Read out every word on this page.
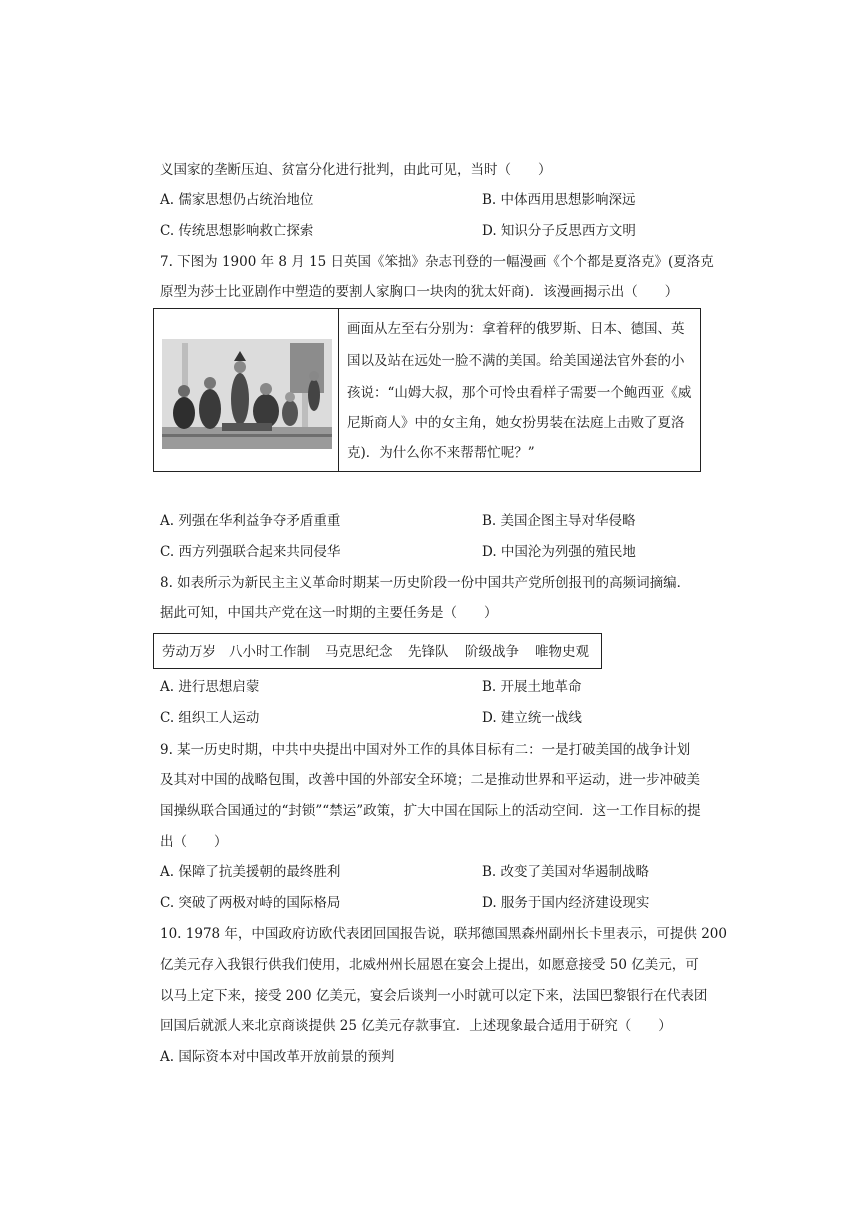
义国家的垄断压迫、贫富分化进行批判，由此可见，当时（　　）
A. 儒家思想仍占统治地位	B. 中体西用思想影响深远
C. 传统思想影响救亡探索	D. 知识分子反思西方文明
7. 下图为 1900 年 8 月 15 日英国《笨拙》杂志刊登的一幅漫画《个个都是夏洛克》(夏洛克
原型为莎士比亚剧作中塑造的要割人家胸口一块肉的犹太奸商)．该漫画揭示出（　　）
画面从左至右分别为：拿着秤的俄罗斯、日本、德国、英
国以及站在远处一脸不满的美国。给美国递法官外套的小
孩说：“山姆大叔，那个可怜虫看样子需要一个鲍西亚《威
尼斯商人》中的女主角，她女扮男装在法庭上击败了夏洛
克)．为什么你不来帮帮忙呢？”
A. 列强在华利益争夺矛盾重重	B. 美国企图主导对华侵略
C. 西方列强联合起来共同侵华	D. 中国沦为列强的殖民地
8. 如表所示为新民主主义革命时期某一历史阶段一份中国共产党所创报刊的高频词摘编．
据此可知，中国共产党在这一时期的主要任务是（　　）
劳动万岁 八小时工作制 马克思纪念 先锋队 阶级战争 唯物史观
A. 进行思想启蒙	B. 开展土地革命
C. 组织工人运动	D. 建立统一战线
9. 某一历史时期，中共中央提出中国对外工作的具体目标有二：一是打破美国的战争计划
及其对中国的战略包围，改善中国的外部安全环境；二是推动世界和平运动，进一步冲破美
国操纵联合国通过的“封锁”“禁运”政策，扩大中国在国际上的活动空间．这一工作目标的提
出（　　）
A. 保障了抗美援朝的最终胜利	B. 改变了美国对华遏制战略
C. 突破了两极对峙的国际格局	D. 服务于国内经济建设现实
10. 1978 年，中国政府访欧代表团回国报告说，联邦德国黑森州副州长卡里表示，可提供 200
亿美元存入我银行供我们使用，北威州州长屈恩在宴会上提出，如愿意接受 50 亿美元，可
以马上定下来，接受 200 亿美元，宴会后谈判一小时就可以定下来，法国巴黎银行在代表团
回国后就派人来北京商谈提供 25 亿美元存款事宜．上述现象最合适用于研究（　　）
A. 国际资本对中国改革开放前景的预判
